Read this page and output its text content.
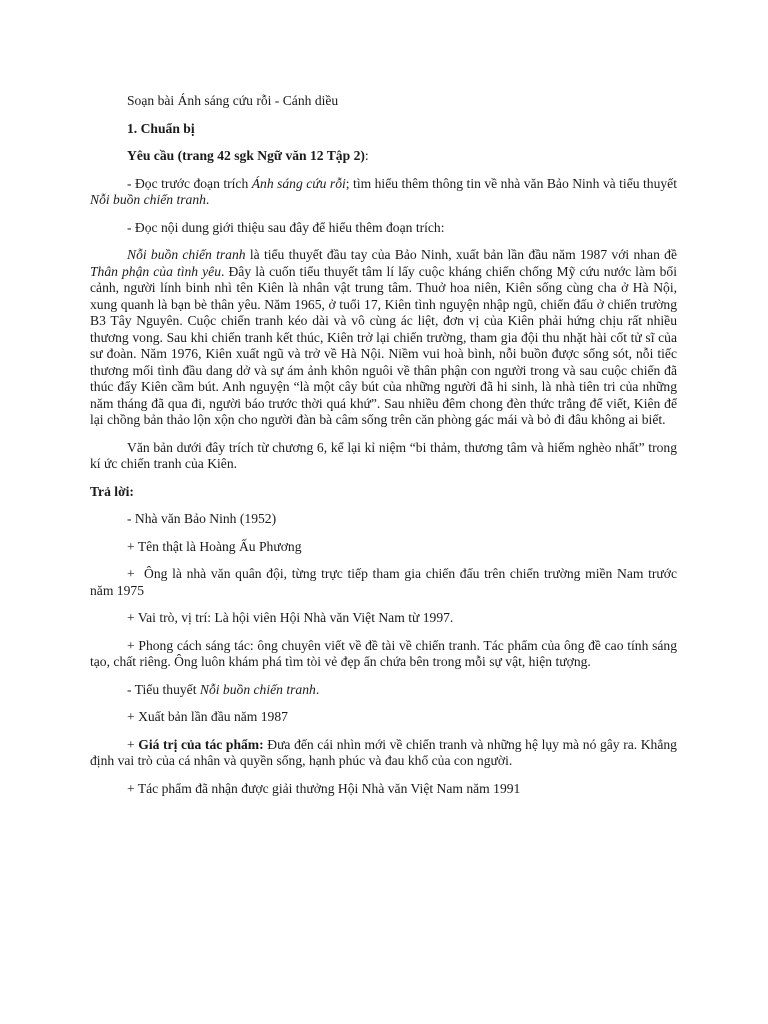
Soạn bài Ánh sáng cứu rỗi - Cánh diều

1. Chuẩn bị

Yêu cầu (trang 42 sgk Ngữ văn 12 Tập 2):

- Đọc trước đoạn trích Ánh sáng cứu rỗi; tìm hiểu thêm thông tin về nhà văn Bảo Ninh và tiểu thuyết Nỗi buồn chiến tranh.

- Đọc nội dung giới thiệu sau đây để hiểu thêm đoạn trích:

Nỗi buồn chiến tranh là tiểu thuyết đầu tay của Bảo Ninh, xuất bản lần đầu năm 1987 với nhan đề Thân phận của tình yêu. Đây là cuốn tiểu thuyết tâm lí lấy cuộc kháng chiến chống Mỹ cứu nước làm bối cảnh, người lính binh nhì tên Kiên là nhân vật trung tâm. Thuở hoa niên, Kiên sống cùng cha ở Hà Nội, xung quanh là bạn bè thân yêu. Năm 1965, ở tuổi 17, Kiên tình nguyện nhập ngũ, chiến đấu ở chiến trường B3 Tây Nguyên. Cuộc chiến tranh kéo dài và vô cùng ác liệt, đơn vị của Kiên phải hứng chịu rất nhiều thương vong. Sau khi chiến tranh kết thúc, Kiên trở lại chiến trường, tham gia đội thu nhặt hài cốt tử sĩ của sư đoàn. Năm 1976, Kiên xuất ngũ và trở về Hà Nội. Niềm vui hoà bình, nỗi buồn được sống sót, nỗi tiếc thương mối tình đầu dang dở và sự ám ảnh khôn nguôi về thân phận con người trong và sau cuộc chiến đã thúc đẩy Kiên cầm bút. Anh nguyện “là một cây bút của những người đã hi sinh, là nhà tiên tri của những năm tháng đã qua đi, người báo trước thời quá khứ”. Sau nhiều đêm chong đèn thức trắng để viết, Kiên để lại chồng bản thảo lộn xộn cho người đàn bà câm sống trên căn phòng gác mái và bỏ đi đâu không ai biết.

Văn bản dưới đây trích từ chương 6, kể lại kỉ niệm “bi thảm, thương tâm và hiếm nghèo nhất” trong kí ức chiến tranh của Kiên.

Trả lời:

- Nhà văn Bảo Ninh (1952)

+ Tên thật là Hoàng Ấu Phương

+  Ông là nhà văn quân đội, từng trực tiếp tham gia chiến đấu trên chiến trường miền Nam trước năm 1975

+ Vai trò, vị trí: Là hội viên Hội Nhà văn Việt Nam từ 1997.

+ Phong cách sáng tác: ông chuyên viết về đề tài về chiến tranh. Tác phẩm của ông đề cao tính sáng tạo, chất riêng. Ông luôn khám phá tìm tòi vẻ đẹp ẩn chứa bên trong mỗi sự vật, hiện tượng.

- Tiểu thuyết Nỗi buồn chiến tranh.

+ Xuất bản lần đầu năm 1987

+ Giá trị của tác phẩm: Đưa đến cái nhìn mới về chiến tranh và những hệ lụy mà nó gây ra. Khẳng định vai trò của cá nhân và quyền sống, hạnh phúc và đau khổ của con người.

+ Tác phẩm đã nhận được giải thưởng Hội Nhà văn Việt Nam năm 1991
